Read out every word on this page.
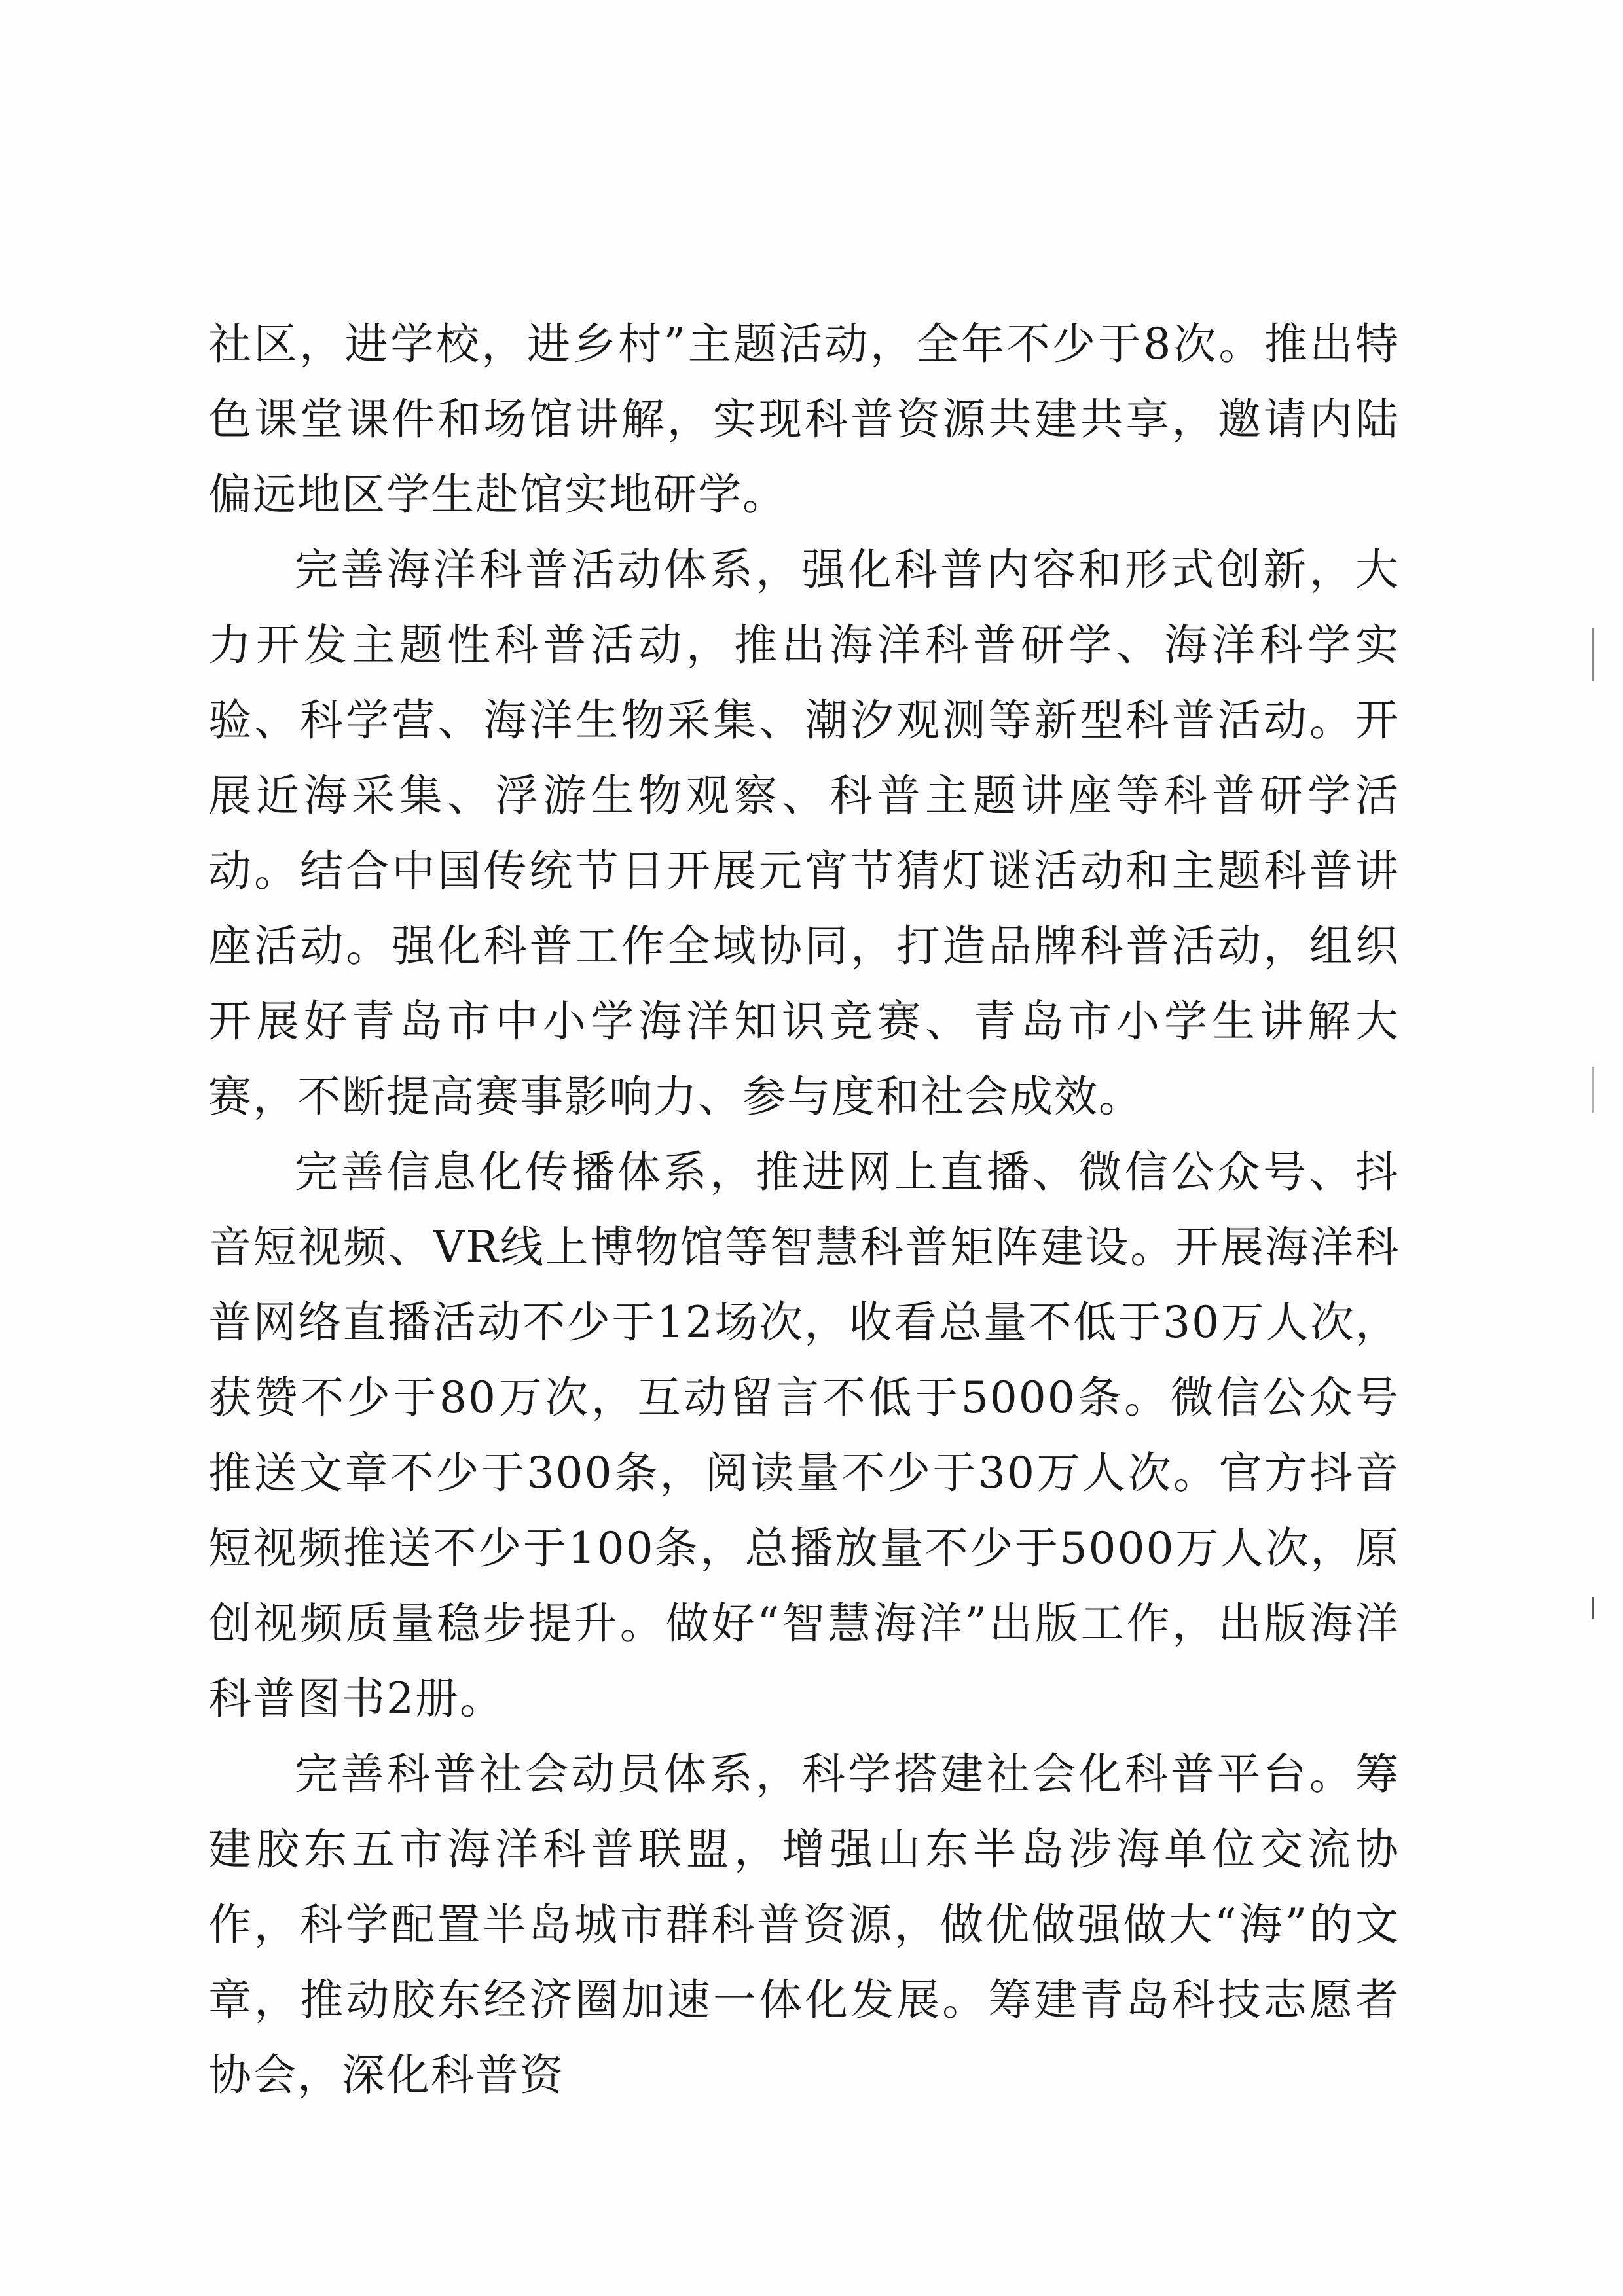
社区，进学校，进乡村”主题活动，全年不少于8次。推出特色课堂课件和场馆讲解，实现科普资源共建共享，邀请内陆偏远地区学生赴馆实地研学。

完善海洋科普活动体系，强化科普内容和形式创新，大力开发主题性科普活动，推出海洋科普研学、海洋科学实验、科学营、海洋生物采集、潮汐观测等新型科普活动。开展近海采集、浮游生物观察、科普主题讲座等科普研学活动。结合中国传统节日开展元宵节猜灯谜活动和主题科普讲座活动。强化科普工作全域协同，打造品牌科普活动，组织开展好青岛市中小学海洋知识竞赛、青岛市小学生讲解大赛，不断提高赛事影响力、参与度和社会成效。

完善信息化传播体系，推进网上直播、微信公众号、抖音短视频、VR线上博物馆等智慧科普矩阵建设。开展海洋科普网络直播活动不少于12场次，收看总量不低于30万人次，获赞不少于80万次，互动留言不低于5000条。微信公众号推送文章不少于300条，阅读量不少于30万人次。官方抖音短视频推送不少于100条，总播放量不少于5000万人次，原创视频质量稳步提升。做好“智慧海洋”出版工作，出版海洋科普图书2册。

完善科普社会动员体系，科学搭建社会化科普平台。筹建胶东五市海洋科普联盟，增强山东半岛涉海单位交流协作，科学配置半岛城市群科普资源，做优做强做大“海”的文章，推动胶东经济圈加速一体化发展。筹建青岛科技志愿者协会，深化科普资
